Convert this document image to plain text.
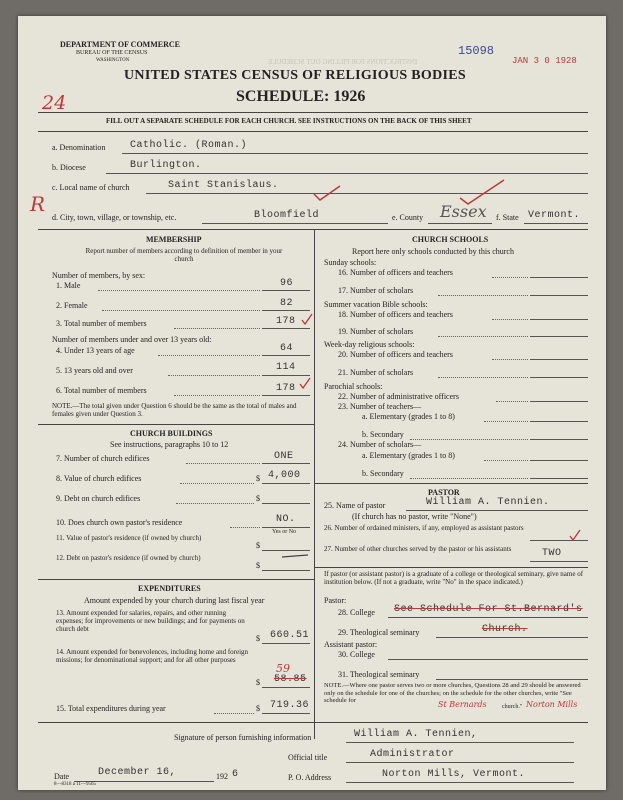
DEPARTMENT OF COMMERCE
BUREAU OF THE CENSUS
WASHINGTON	INSTRUCTIONS FOR FILLING OUT SCHEDULE
15098
JAN 3 0 1928
UNITED STATES CENSUS OF RELIGIOUS BODIES
24	SCHEDULE: 1926
FILL OUT A SEPARATE SCHEDULE FOR EACH CHURCH. SEE INSTRUCTIONS ON THE BACK OF THIS SHEET
a. Denomination Catholic. (Roman.)
b. Diocese	Burlington.
R
c. Local name of church	Saint Stanislaus.
d. City, town, village, or township, etc.	Bloomfield	e. County Essex f. State Vermont.
MEMBERSHIP
Report number of members according to definition of member in your church
Number of members, by sex:
1. Male	96
2. Female	82
3. Total number of members	178
Number of members under and over 13 years old:
4. Under 13 years of age	64
5. 13 years old and over	114
6. Total number of members	178
NOTE.—The total given under Question 6 should be the same as the total of males and females given under Question 3.
CHURCH BUILDINGS
See instructions, paragraphs 10 to 12
7. Number of church edifices	ONE
8. Value of church edifices	$ 4,000
9. Debt on church edifices	$
10. Does church own pastor's residence	NO.
Yes or No
11. Value of pastor's residence (if owned by church)
$
12. Debt on pastor's residence (if owned by church)
$
EXPENDITURES
Amount expended by your church during last fiscal year
13. Amount expended for salaries, repairs, and other running expenses; for improvements or new buildings; and for payments on church debt
$ 660.51
14. Amount expended for benevolences, including home and foreign missions; for denominational support; and for all other purposes
59
$ 58.85
15. Total expenditures during year	$ 719.36
CHURCH SCHOOLS
Report here only schools conducted by this church
Sunday schools:
16. Number of officers and teachers
17. Number of scholars
Summer vacation Bible schools:
18. Number of officers and teachers
19. Number of scholars
Week-day religious schools:
20. Number of officers and teachers
21. Number of scholars
Parochial schools:
22. Number of administrative officers
23. Number of teachers—
a. Elementary (grades 1 to 8)
b. Secondary
24. Number of scholars—
a. Elementary (grades 1 to 8)
b. Secondary
PASTOR
25. Name of pastor	William A. Tennien.
(If church has no pastor, write "None")
26. Number of ordained ministers, if any, employed as assistant pastors
27. Number of other churches served by the pastor or his assistants	TWO
If pastor (or assistant pastor) is a graduate of a college or theological seminary, give name of institution below. (If not a graduate, write "No" in the space indicated.)
Pastor:
28. College See Schedule For St.Bernard's
29. Theological seminary	Church.
Assistant pastor:
30. College
31. Theological seminary
NOTE.—Where one pastor serves two or more churches, Questions 28 and 29 should be answered only on the schedule for one of the churches; on the schedule for the other churches, write "See schedule for	St Bernards	church." Norton Mills
Signature of person furnishing information	William A. Tennien,
Official title	Administrator
Date	December 16,	192 6	P. O. Address	Norton Mills, Vermont.
8—8318 a 11—9565
